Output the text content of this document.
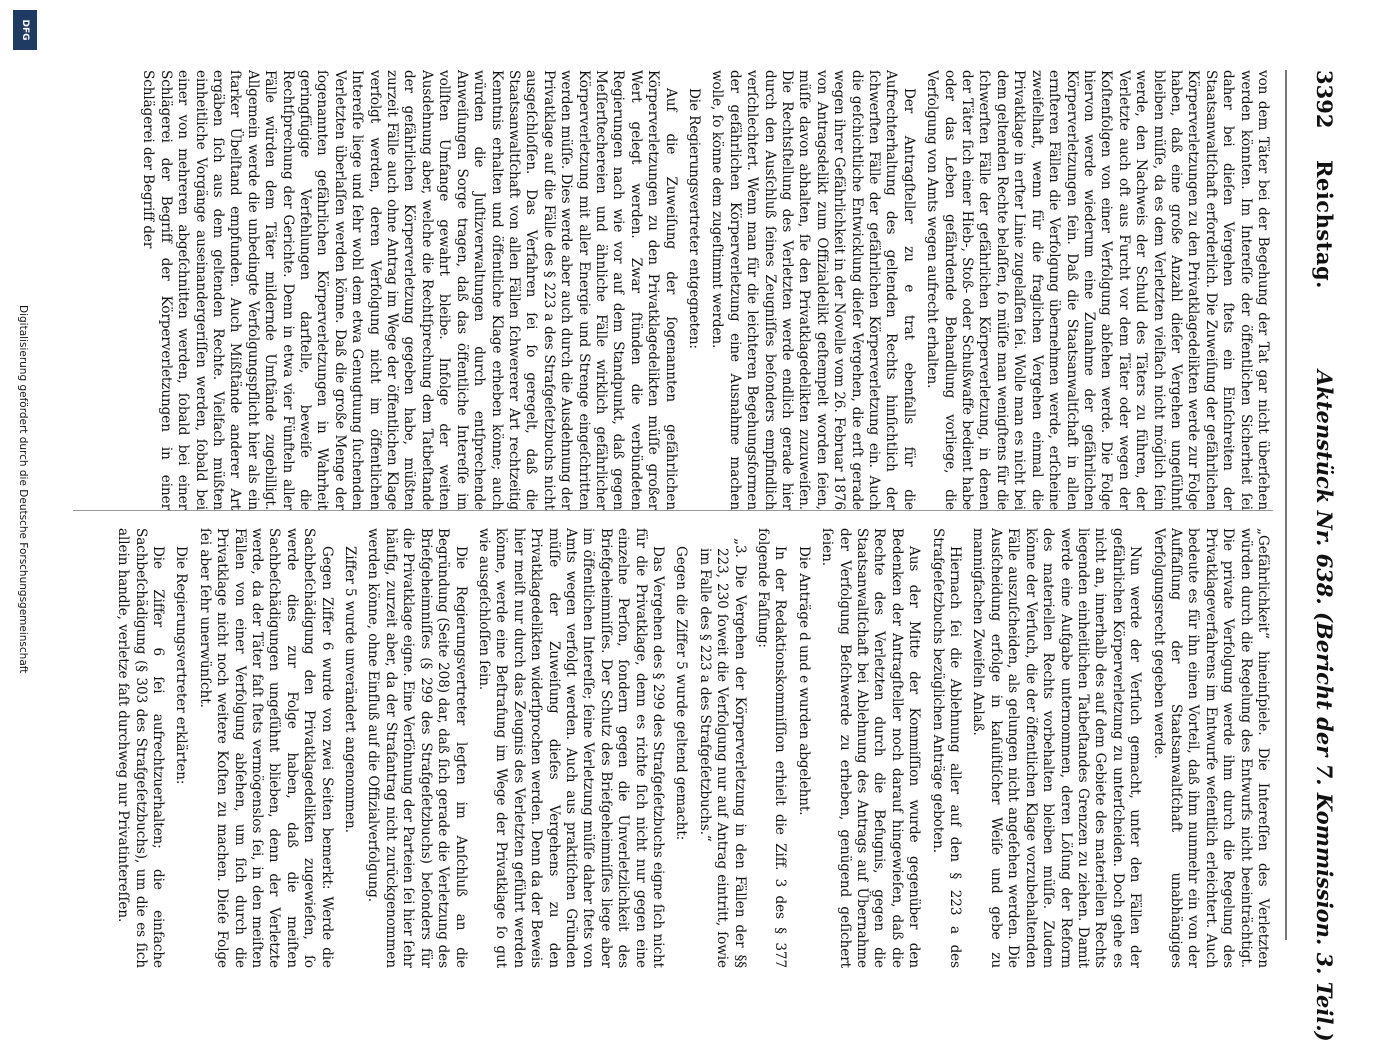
3392
Reichstag.
Aktenstück Nr. 638. (Bericht der 7. Kommission. 3. Teil.)

von dem Täter bei der Begehung der Tat gar nicht überſehen werden könnten. Im Intereſſe der öffentlichen Sicherheit ſei daher bei dieſen Vergehen ſtets ein Einſchreiten der Staatsanwaltſchaft erforderlich. Die Zuweiſung der gefährlichen Körperverletzungen zu den Privatklagedelikten werde zur Folge haben, daß eine große Anzahl dieſer Vergehen ungeſühnt bleiben müſſe, da es dem Verletzten vielfach nicht möglich ſein werde, den Nachweis der Schuld des Täters zu führen, der Verletzte auch oft aus Furcht vor dem Täter oder wegen der Koſtenfolgen von einer Verfolgung abſehen werde. Die Folge hiervon werde wiederum eine Zunahme der gefährlichen Körperverletzungen ſein. Daß die Staatsanwaltſchaft in allen ernſteren Fällen die Verfolgung übernehmen werde, erſcheine zweifelhaft, wenn für die fraglichen Vergehen einmal die Privatklage in erſter Linie zugelaſſen ſei. Wolle man es nicht bei dem geltenden Rechte belaſſen, ſo müſſe man wenigſtens für die ſchwerſten Fälle der gefährlichen Körperverletzung, in denen der Täter ſich einer Hieb-, Stoß- oder Schußwaffe bedient habe oder das Leben gefährdende Behandlung vorliege, die Verfolgung von Amts wegen aufrecht erhalten.

Der Antragſteller zu e trat ebenfalls für die Aufrechterhaltung des geltenden Rechts hinſichtlich der ſchwerſten Fälle der gefährlichen Körperverletzung ein. Auch die geſchichtliche Entwicklung dieſer Vergehen, die erſt gerade wegen ihrer Gefährlichkeit in der Novelle vom 26. Februar 1876 von Antragsdelikt zum Offizialdelikt geſtempelt worden ſeien, müſſe davon abhalten, ſie den Privatklagedelikten zuzuweiſen. Die Rechtsſtellung des Verletzten werde endlich gerade hier durch den Ausſchluß ſeines Zeugniſſes beſonders empfindlich verſchlechtert. Wenn man für die leichteren Begehungsformen der gefährlichen Körperverletzung eine Ausnahme machen wolle, ſo könne dem zugeſtimmt werden.

Die Regierungsvertreter entgegneten:

Auf die Zuweiſung der ſogenannten gefährlichen Körperverletzungen zu den Privatklagedelikten müſſe großer Wert gelegt werden. Zwar ſtünden die verbündeten Regierungen nach wie vor auf dem Standpunkt, daß gegen Meſſerſtechereien und ähnliche Fälle wirklich gefährlicher Körperverletzung mit aller Energie und Strenge eingeſchritten werden müſſe. Dies werde aber auch durch die Ausdehnung der Privatklage auf die Fälle des § 223 a des Strafgeſetzbuchs nicht ausgeſchloſſen. Das Verfahren ſei ſo geregelt, daß die Staatsanwaltſchaft von allen Fällen ſchwererer Art rechtzeitig Kenntnis erhalten und öffentliche Klage erheben könne; auch würden die Juſtizverwaltungen durch entſprechende Anweiſungen Sorge tragen, daß das öffentliche Intereſſe im vollſten Umfange gewahrt bleibe. Infolge der weiten Ausdehnung aber, welche die Rechtſprechung dem Tatbeſtande der gefährlichen Körperverletzung gegeben habe, müßten zurzeit Fälle auch ohne Antrag im Wege der öffentlichen Klage verfolgt werden, deren Verfolgung nicht im öffentlichen Intereſſe liege und ſehr wohl dem etwa Genugtuung ſuchenden Verletzten überlaſſen werden könne. Daß die große Menge der ſogenannten gefährlichen Körperverletzungen in Wahrheit geringfügige Verfehlungen darſtelle, beweiſe die Rechtſprechung der Gerichte. Denn in etwa vier Fünfteln aller Fälle würden dem Täter mildernde Umſtände zugebilligt. Allgemein werde die unbedingte Verfolgungspflicht hier als ein ſtarker Übelſtand empfunden. Auch Mißſtände anderer Art ergäben ſich aus dem geltenden Rechte. Vielfach müßten einheitliche Vorgänge auseinandergeriſſen werden, ſobald bei einer von mehreren abgeſchnitten werden, ſobald bei einer Schlägerei der Begriff der Körperverletzungen in einer Schlägerei der Begriff der

„Gefährlichkeit“ hineinſpiele. Die Intereſſen des Verletzten würden durch die Regelung des Entwurfs nicht beeinträchtigt. Die private Verfolgung werde ihm durch die Regelung des Privatklageverfahrens im Entwurfe weſentlich erleichtert. Auch bedeute es für ihn einen Vorteil, daß ihm nunmehr ein von der Auffaſſung der Staatsanwaltſchaft unabhängiges Verfolgungsrecht gegeben werde.

Nun werde der Verſuch gemacht, unter den Fällen der gefährlichen Körperverletzung zu unterſcheiden. Doch gehe es nicht an, innerhalb des auf dem Gebiete des materiellen Rechts liegenden einheitlichen Tatbeſtandes Grenzen zu ziehen. Damit werde eine Aufgabe unternommen, deren Löſung der Reform des materiellen Rechts vorbehalten bleiben müſſe. Zudem könne der Verſuch, die der öffentlichen Klage vorzubehaltenden Fälle auszuſcheiden, als gelungen nicht angeſehen werden. Die Ausſcheidung erfolge in kaſuiſtiſcher Weiſe und gebe zu mannigfachen Zweifeln Anlaß.

Hiernach ſei die Ablehnung aller auf den § 223 a des Strafgeſetzbuchs bezüglichen Anträge geboten.

Aus der Mitte der Kommiſſion wurde gegenüber den Bedenken der Antragſteller noch darauf hingewieſen, daß die Rechte des Verletzten durch die Befugnis, gegen die Staatsanwaltſchaft bei Ablehnung des Antrags auf Übernahme der Verfolgung Beſchwerde zu erheben, genügend geſichert ſeien.

Die Anträge d und e wurden abgelehnt.

In der Redaktionskommiſſion erhielt die Ziff. 3 des § 377 folgende Faſſung:

„3. Die Vergehen der Körperverletzung in den Fällen der §§ 223, 230 ſoweit die Verfolgung nur auf Antrag eintritt, ſowie im Falle des § 223 a des Strafgeſetzbuchs.“

Gegen die Ziffer 5 wurde geltend gemacht:

Das Vergehen des § 299 des Strafgeſetzbuchs eigne ſich nicht für die Privatklage, denn es richte ſich nicht nur gegen eine einzelne Perſon, ſondern gegen die Unverletzlichkeit des Briefgeheimniſſes. Der Schutz des Briefgeheimniſſes liege aber im öffentlichen Intereſſe; ſeine Verletzung müſſe daher ſtets von Amts wegen verfolgt werden. Auch aus praktiſchen Gründen müſſe der Zuweiſung dieſes Vergehens zu den Privatklagedelikten widerſprochen werden. Denn da der Beweis hier meiſt nur durch das Zeugnis des Verletzten geführt werden könne, werde eine Beſtrafung im Wege der Privatklage ſo gut wie ausgeſchloſſen ſein.

Die Regierungsvertreter legten im Anſchluß an die Begründung (Seite 208) dar, daß ſich gerade die Verletzung des Briefgeheimniſſes (§ 299 des Strafgeſetzbuchs) beſonders für die Privatklage eigne. Eine Verſöhnung der Parteien ſei hier ſehr häufig, zurzeit aber, da der Strafantrag nicht zurückgenommen werden könne, ohne Einfluß auf die Offizialverfolgung.

Ziffer 5 wurde unverändert angenommen.

Gegen Ziffer 6 wurde von zwei Seiten bemerkt: Werde die Sachbeſchädigung den Privatklagedelikten zugewieſen, ſo werde dies zur Folge haben, daß die meiſten Sachbeſchädigungen ungeſühnt blieben, denn der Verletzte werde, da der Täter faſt ſtets vermögenslos ſei, in den meiſten Fällen von einer Verfolgung abſehen, um ſich durch die Privatklage nicht noch weitere Koſten zu machen. Dieſe Folge ſei aber ſehr unerwünſcht.

Die Regierungsvertreter erklärten:

Die Ziffer 6 ſei aufrechtzuerhalten; die einfache Sachbeſchädigung (§ 303 des Strafgeſetzbuchs), um die es ſich allein handle, verletze faſt durchweg nur Privatintereſſen.

DFG
Digitalisierung gefördert durch die Deutsche Forschungsgemeinschaft
